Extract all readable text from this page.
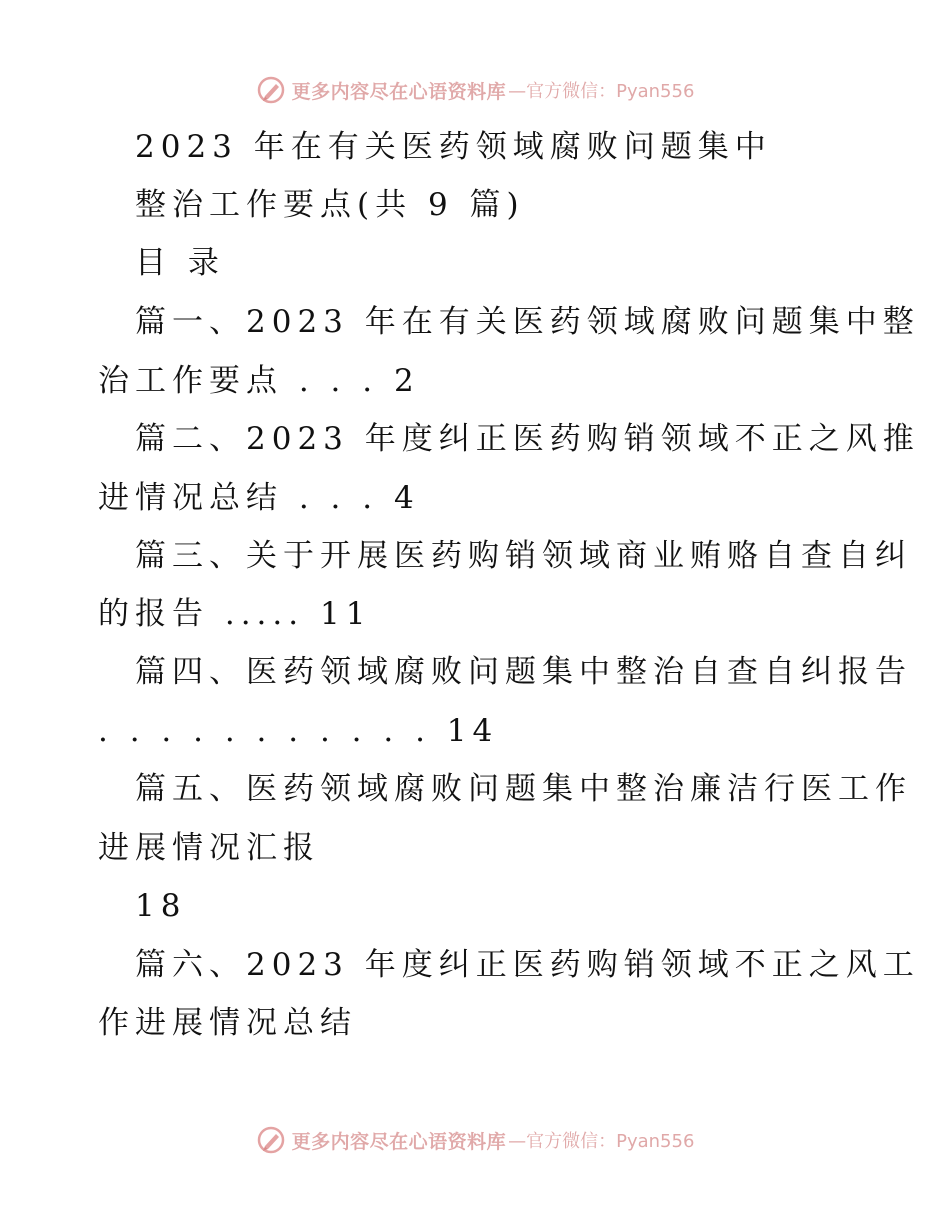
更多内容尽在心语资料库 —官方微信：Pyan556
2023 年在有关医药领域腐败问题集中
整治工作要点(共 9 篇)
目 录
篇一、2023 年在有关医药领域腐败问题集中整
治工作要点 . . . 2
篇二、2023 年度纠正医药购销领域不正之风推
进情况总结 . . . 4
篇三、关于开展医药购销领域商业贿赂自查自纠
的报告 ..... 11
篇四、医药领域腐败问题集中整治自查自纠报告
. . . . . . . . . . . 14
篇五、医药领域腐败问题集中整治廉洁行医工作
进展情况汇报
18
篇六、2023 年度纠正医药购销领域不正之风工
作进展情况总结
更多内容尽在心语资料库 —官方微信：Pyan556
